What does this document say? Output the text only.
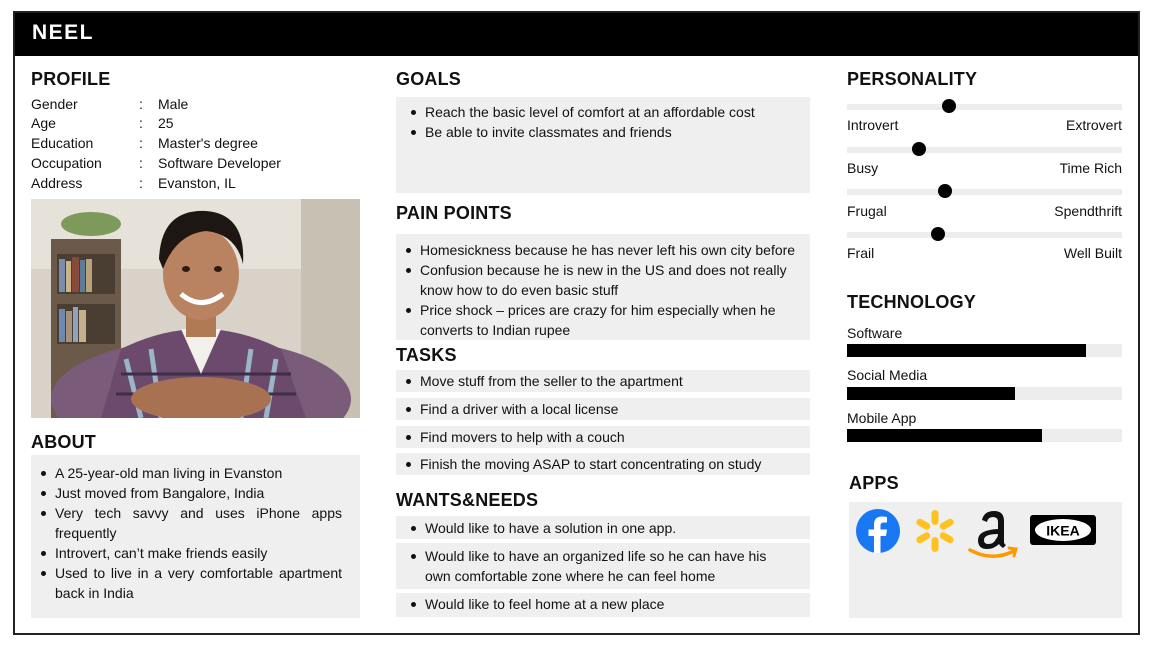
NEEL
PROFILE
Gender	: Male
Age	: 25
Education	: Master's degree
Occupation	: Software Developer
Address	: Evanston, IL
ABOUT
A 25-year-old man living in Evanston
Just moved from Bangalore, India
Very tech savvy and uses iPhone apps frequently
Introvert, can’t make friends easily
Used to live in a very comfortable apartment back in India
GOALS
Reach the basic level of comfort at an affordable cost
Be able to invite classmates and friends
PAIN POINTS
Homesickness because he has never left his own city before
Confusion because he is new in the US and does not really know how to do even basic stuff
Price shock – prices are crazy for him especially when he converts to Indian rupee
TASKS
Move stuff from the seller to the apartment
Find a driver with a local license
Find movers to help with a couch
Finish the moving ASAP to start concentrating on study
WANTS&NEEDS
Would like to have a solution in one app.
Would like to have an organized life so he can have his own comfortable zone where he can feel home
Would like to feel home at a new place
PERSONALITY
Introvert	Extrovert
Busy	Time Rich
Frugal	Spendthrift
Frail	Well Built
TECHNOLOGY
Software
Social Media
Mobile App
APPS
IKEA
